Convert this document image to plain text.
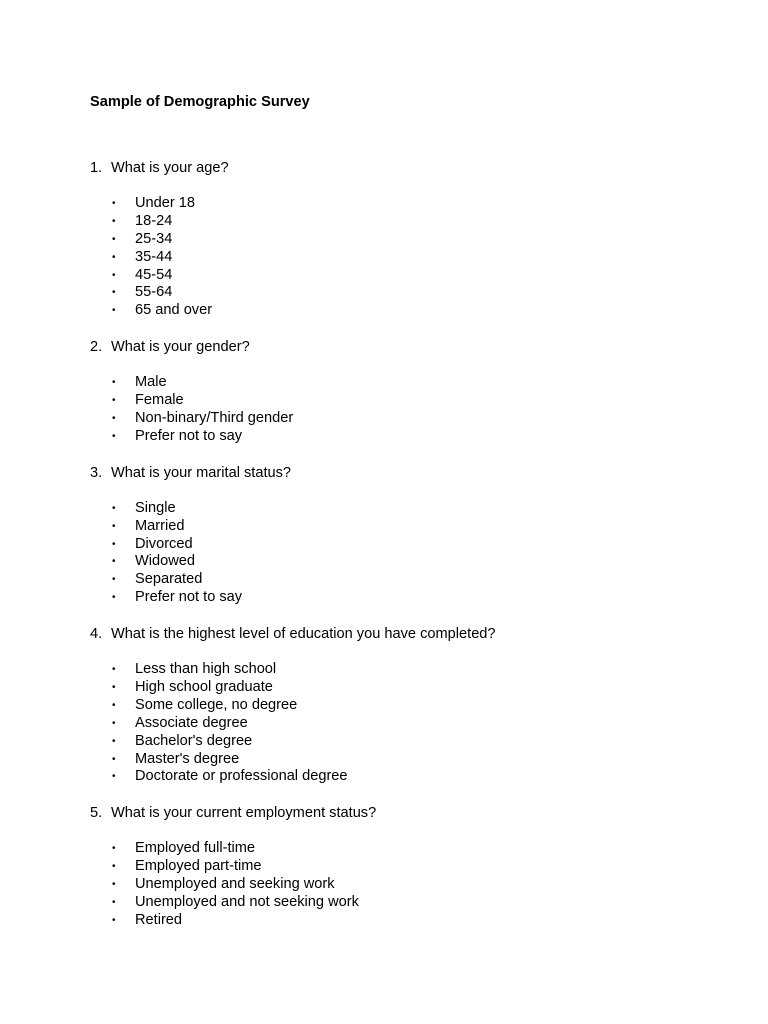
Sample of Demographic Survey
1. What is your age?
•	Under 18
•	18-24
•	25-34
•	35-44
•	45-54
•	55-64
•	65 and over
2. What is your gender?
•	Male
•	Female
•	Non-binary/Third gender
•	Prefer not to say
3. What is your marital status?
•	Single
•	Married
•	Divorced
•	Widowed
•	Separated
•	Prefer not to say
4. What is the highest level of education you have completed?
•	Less than high school
•	High school graduate
•	Some college, no degree
•	Associate degree
•	Bachelor's degree
•	Master's degree
•	Doctorate or professional degree
5. What is your current employment status?
•	Employed full-time
•	Employed part-time
•	Unemployed and seeking work
•	Unemployed and not seeking work
•	Retired
